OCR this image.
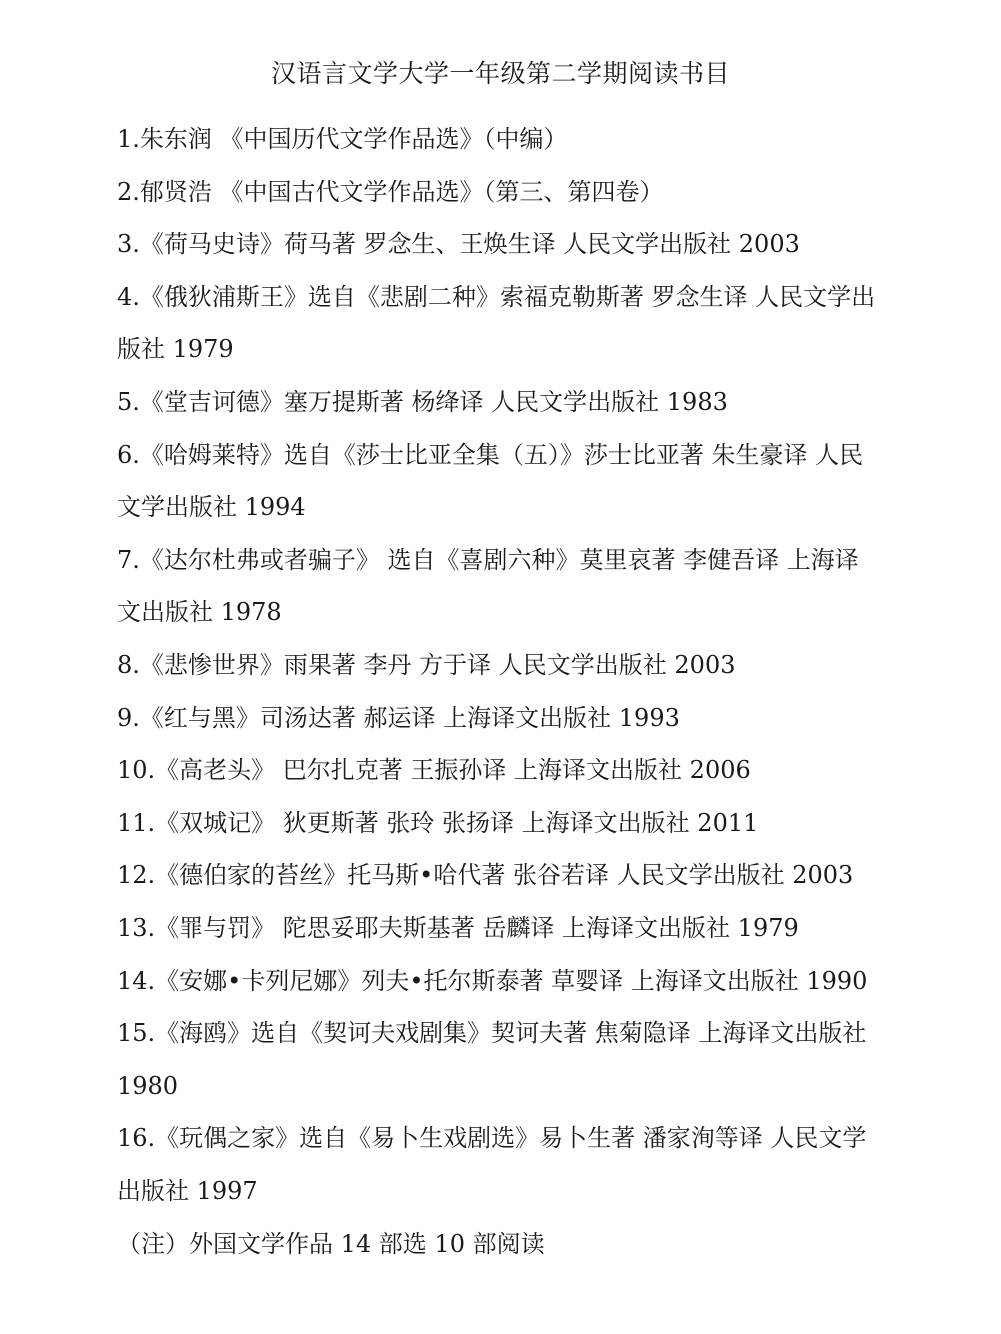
汉语言文学大学一年级第二学期阅读书目
1.朱东润 《中国历代文学作品选》（中编）
2.郁贤浩 《中国古代文学作品选》（第三、第四卷）
3.《荷马史诗》荷马著 罗念生、王焕生译 人民文学出版社 2003
4.《俄狄浦斯王》选自《悲剧二种》索福克勒斯著 罗念生译 人民文学出版社 1979
5.《堂吉诃德》塞万提斯著 杨绛译 人民文学出版社 1983
6.《哈姆莱特》选自《莎士比亚全集（五）》莎士比亚著 朱生豪译 人民文学出版社 1994
7.《达尔杜弗或者骗子》 选自《喜剧六种》莫里哀著 李健吾译 上海译文出版社 1978
8.《悲惨世界》雨果著 李丹 方于译 人民文学出版社 2003
9.《红与黑》司汤达著 郝运译 上海译文出版社 1993
10.《高老头》 巴尔扎克著 王振孙译 上海译文出版社 2006
11.《双城记》 狄更斯著 张玲 张扬译 上海译文出版社 2011
12.《德伯家的苔丝》托马斯•哈代著 张谷若译 人民文学出版社 2003
13.《罪与罚》 陀思妥耶夫斯基著 岳麟译 上海译文出版社 1979
14.《安娜•卡列尼娜》列夫•托尔斯泰著 草婴译 上海译文出版社 1990
15.《海鸥》选自《契诃夫戏剧集》契诃夫著 焦菊隐译 上海译文出版社 1980
16.《玩偶之家》选自《易卜生戏剧选》易卜生著 潘家洵等译 人民文学出版社 1997
（注）外国文学作品 14 部选 10 部阅读
